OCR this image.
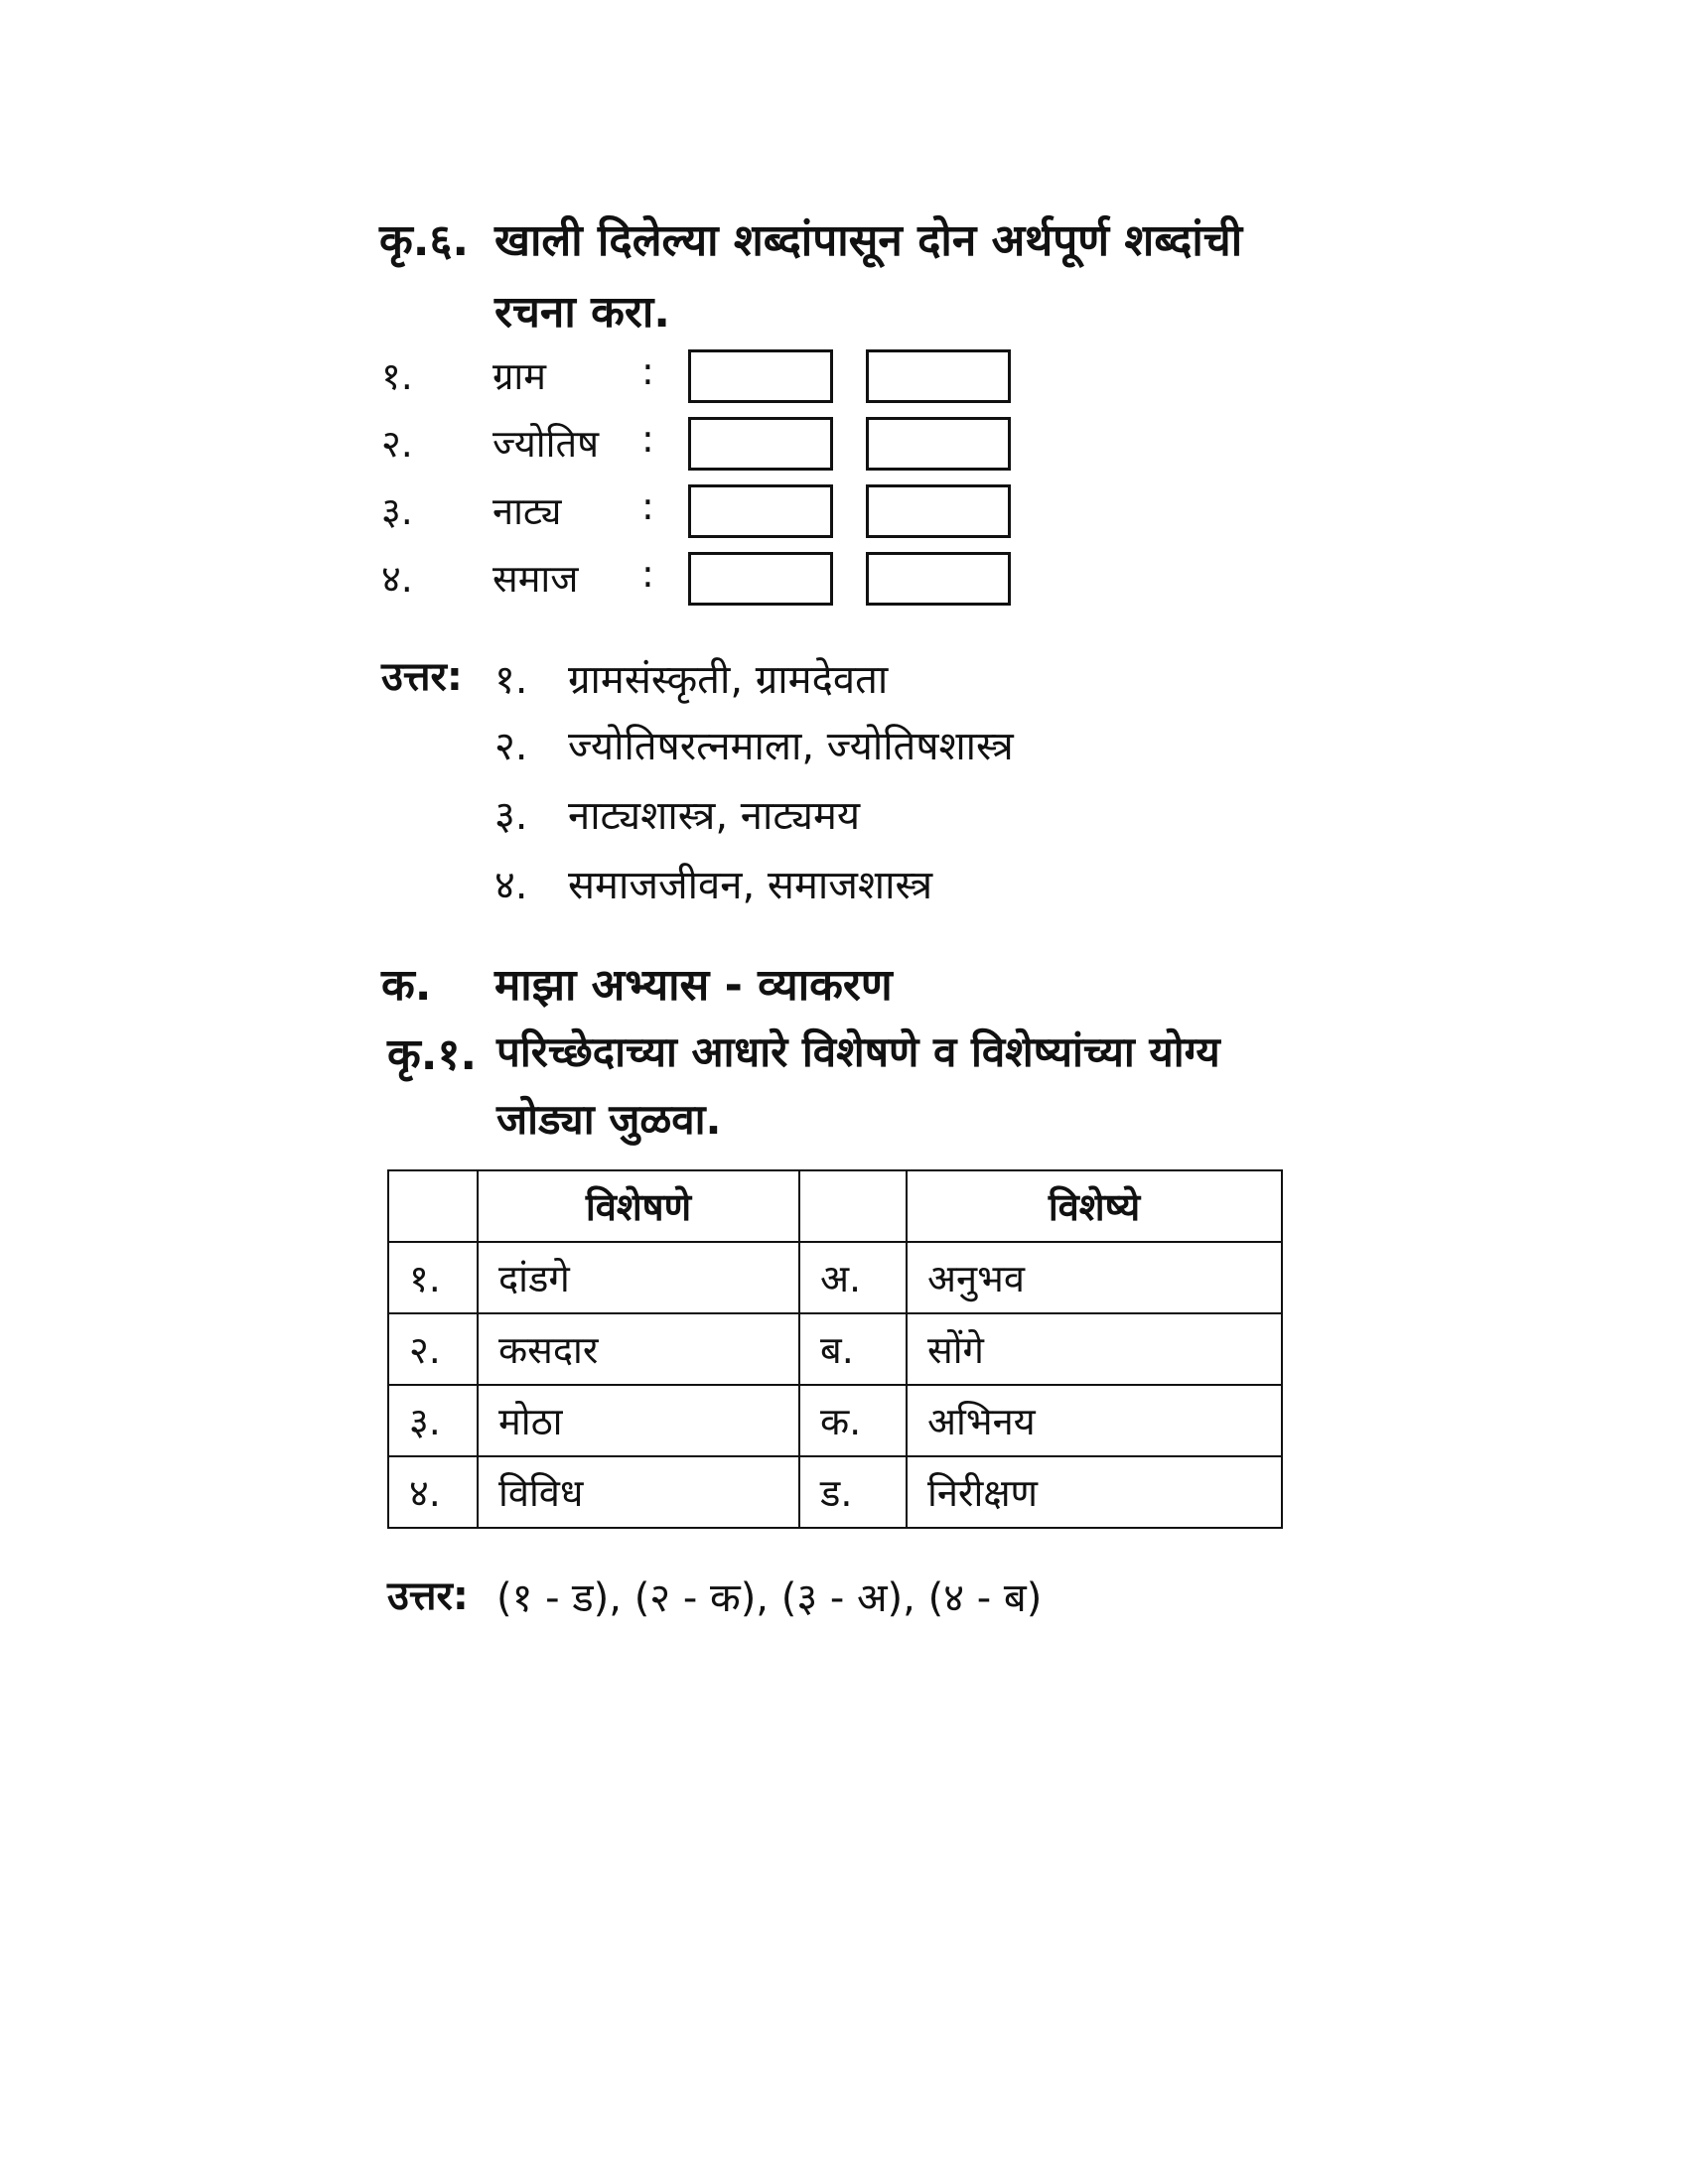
कृ.६. खाली दिलेल्या शब्दांपासून दोन अर्थपूर्ण शब्दांची
रचना करा.
१. ग्राम	:
२. ज्योतिष :
३. नाट्य :
४. समाज :
उत्तर: १. ग्रामसंस्कृती, ग्रामदेवता
२. ज्योतिषरत्नमाला, ज्योतिषशास्त्र
३. नाट्यशास्त्र, नाट्यमय
४. समाजजीवन, समाजशास्त्र
क. माझा अभ्यास - व्याकरण
कृ.१. परिच्छेदाच्या आधारे विशेषणे व विशेष्यांच्या योग्य
जोड्या जुळवा.
	विशेषणे		विशेष्ये
१.	दांडगे	अ.	अनुभव
२.	कसदार	ब.	सोंगे
३.	मोठा	क.	अभिनय
४.	विविध	ड.	निरीक्षण
उत्तर: (१ - ड), (२ - क), (३ - अ), (४ - ब)
